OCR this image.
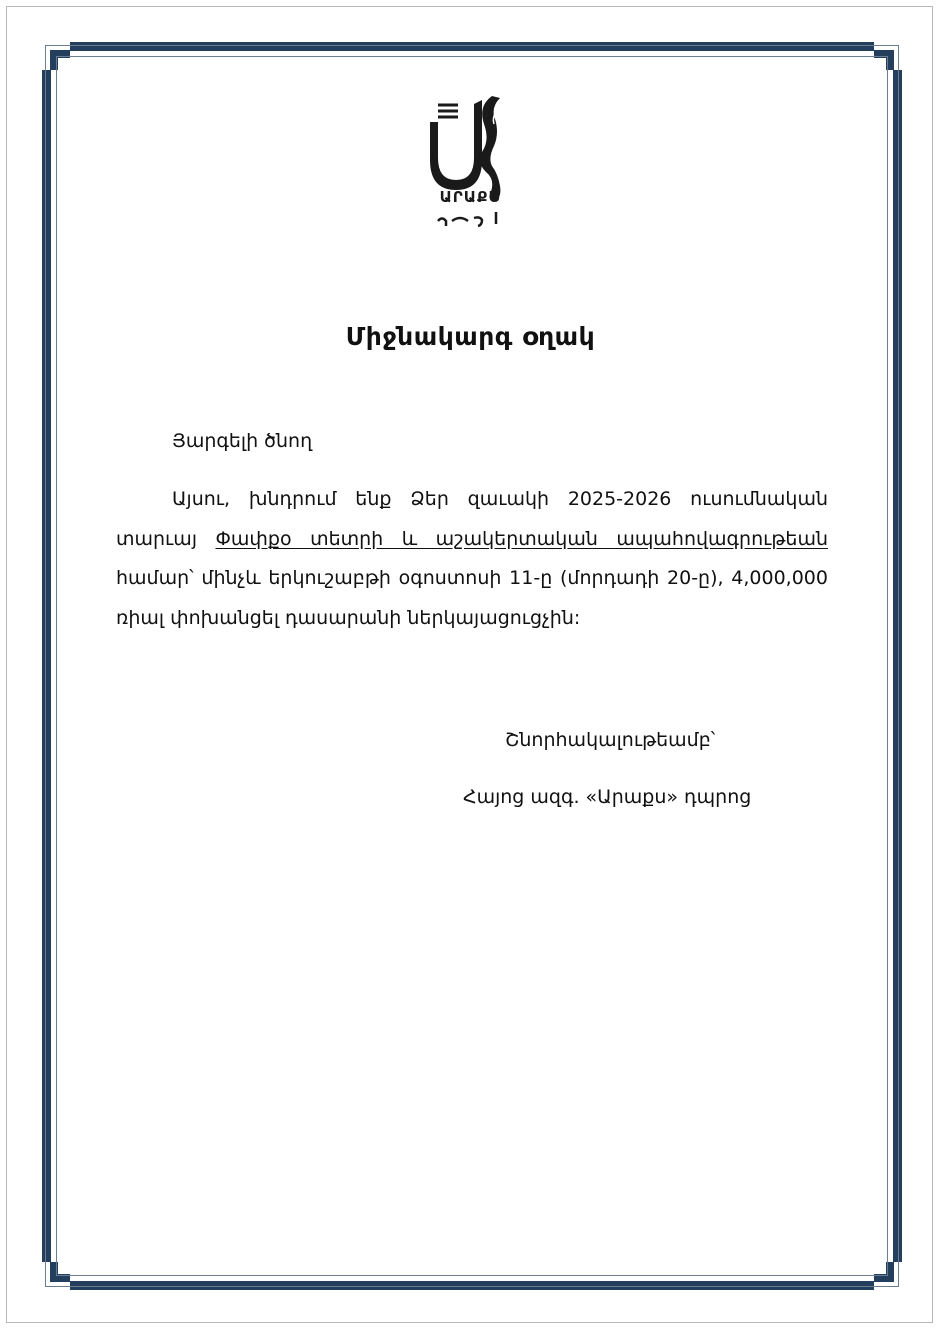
ԱՐԱՔՍ
Միջնակարգ օղակ
Յարգելի ծնող

Այսու, խնդրում ենք Ձեր զաւակի 2025-2026 ուսումնական տարւայ Փափքօ տետրի և աշակերտական ապահովագրութեան համար՝ մինչև երկուշաբթի օգոստոսի 11-ը (մորդադի 20-ը), 4,000,000 ռիալ փոխանցել դասարանի ներկայացուցչին:

Շնորհակալութեամբ՝
Հայոց ազգ. «Արաքս» դպրոց
